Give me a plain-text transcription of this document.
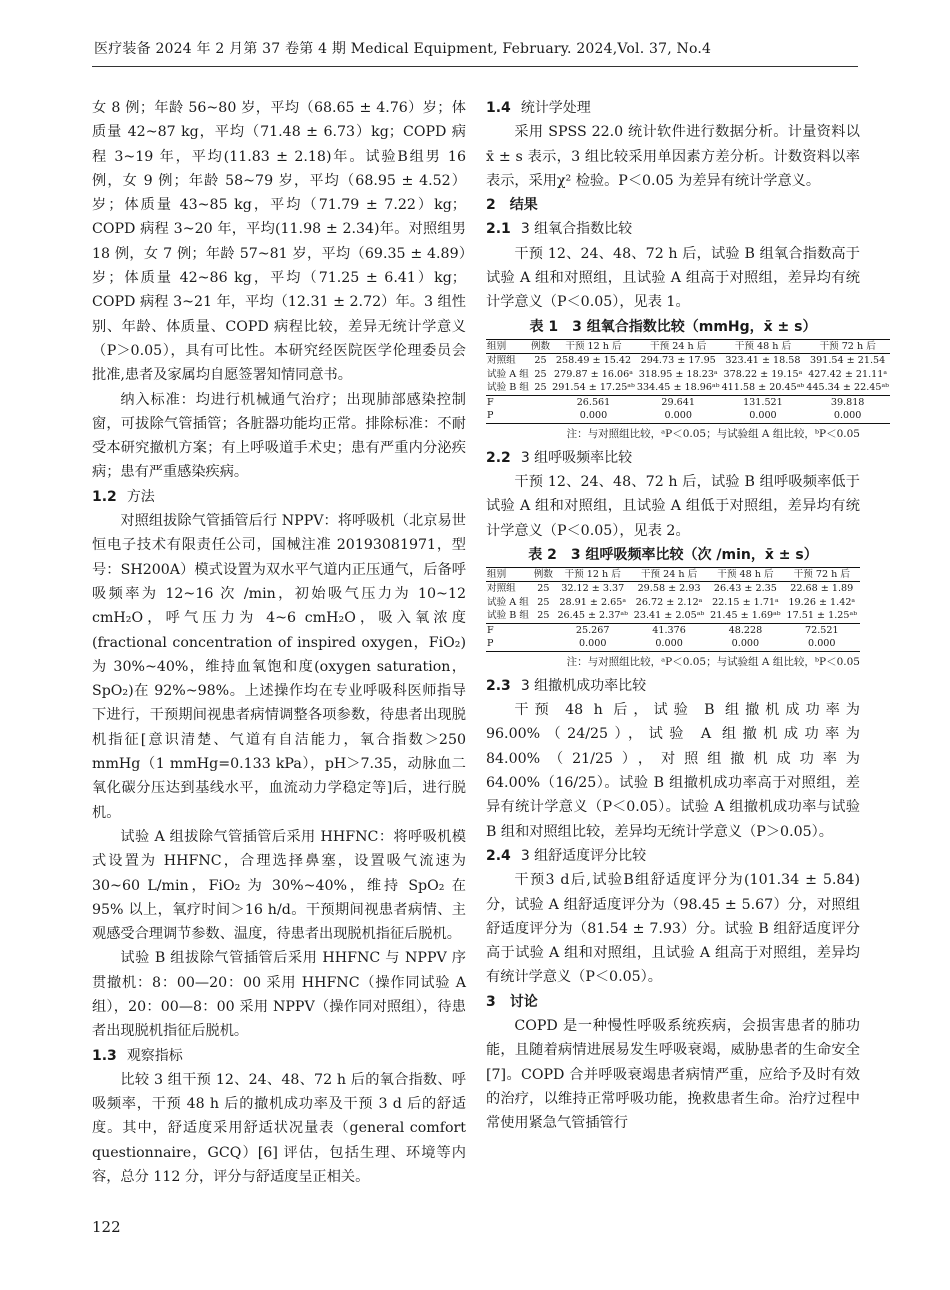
医疗装备 2024 年 2 月第 37 卷第 4 期 Medical Equipment, February. 2024,Vol. 37, No.4

女 8 例；年龄 56~80 岁，平均（68.65 ± 4.76）岁；体质量 42~87 kg，平均（71.48 ± 6.73）kg；COPD 病程 3~19 年，平均(11.83 ± 2.18)年。试验B组男 16 例，女 9 例；年龄 58~79 岁，平均（68.95 ± 4.52）岁；体质量 43~85 kg，平均（71.79 ± 7.22）kg；COPD 病程 3~20 年，平均(11.98 ± 2.34)年。对照组男 18 例，女 7 例；年龄 57~81 岁，平均（69.35 ± 4.89）岁；体质量 42~86 kg，平均（71.25 ± 6.41）kg；COPD 病程 3~21 年，平均（12.31 ± 2.72）年。3 组性别、年龄、体质量、COPD 病程比较，差异无统计学意义（P＞0.05），具有可比性。本研究经医院医学伦理委员会批准,患者及家属均自愿签署知情同意书。

纳入标准：均进行机械通气治疗；出现肺部感染控制窗，可拔除气管插管；各脏器功能均正常。排除标准：不耐受本研究撤机方案；有上呼吸道手术史；患有严重内分泌疾病；患有严重感染疾病。

1.2 方法

对照组拔除气管插管后行 NPPV：将呼吸机（北京易世恒电子技术有限责任公司，国械注准 20193081971，型号：SH200A）模式设置为双水平气道内正压通气，后备呼吸频率为 12~16 次 /min，初始吸气压力为 10~12 cmH₂O，呼气压力为 4~6 cmH₂O，吸入氧浓度(fractional concentration of inspired oxygen，FiO₂)为 30%~40%，维持血氧饱和度(oxygen saturation，SpO₂)在 92%~98%。上述操作均在专业呼吸科医师指导下进行，干预期间视患者病情调整各项参数，待患者出现脱机指征[意识清楚、气道有自洁能力，氧合指数＞250 mmHg（1 mmHg=0.133 kPa），pH＞7.35，动脉血二氧化碳分压达到基线水平，血流动力学稳定等]后，进行脱机。

试验 A 组拔除气管插管后采用 HHFNC：将呼吸机模式设置为 HHFNC，合理选择鼻塞，设置吸气流速为 30~60 L/min，FiO₂ 为 30%~40%，维持 SpO₂ 在 95% 以上，氧疗时间＞16 h/d。干预期间视患者病情、主观感受合理调节参数、温度，待患者出现脱机指征后脱机。

试验 B 组拔除气管插管后采用 HHFNC 与 NPPV 序贯撤机：8：00—20：00 采用 HHFNC（操作同试验 A 组），20：00—8：00 采用 NPPV（操作同对照组），待患者出现脱机指征后脱机。

1.3 观察指标

比较 3 组干预 12、24、48、72 h 后的氧合指数、呼吸频率，干预 48 h 后的撤机成功率及干预 3 d 后的舒适度。其中，舒适度采用舒适状况量表（general comfort questionnaire，GCQ）[6] 评估，包括生理、环境等内容，总分 112 分，评分与舒适度呈正相关。

1.4 统计学处理

采用 SPSS 22.0 统计软件进行数据分析。计量资料以 x̄ ± s 表示，3 组比较采用单因素方差分析。计数资料以率表示，采用χ² 检验。P＜0.05 为差异有统计学意义。

2　 结果
2.1 3 组氧合指数比较

干预 12、24、48、72 h 后，试验 B 组氧合指数高于试验 A 组和对照组，且试验 A 组高于对照组，差异均有统计学意义（P＜0.05），见表 1。

表 1　3 组氧合指数比较（mmHg，x̄ ± s）
组别	例数	干预 12 h 后	干预 24 h 后	干预 48 h 后	干预 72 h 后
对照组	25	258.49 ± 15.42	294.73 ± 17.95	323.41 ± 18.58	391.54 ± 21.54
试验 A 组	25	279.87 ± 16.06ᵃ	318.95 ± 18.23ᵃ	378.22 ± 19.15ᵃ	427.42 ± 21.11ᵃ
试验 B 组	25	291.54 ± 17.25ᵃᵇ	334.45 ± 18.96ᵃᵇ	411.58 ± 20.45ᵃᵇ	445.34 ± 22.45ᵃᵇ
F		26.561	29.641	131.521	39.818
P		0.000	0.000	0.000	0.000
注：与对照组比较，ᵃP＜0.05；与试验组 A 组比较，ᵇP＜0.05
2.2 3 组呼吸频率比较

干预 12、24、48、72 h 后，试验 B 组呼吸频率低于试验 A 组和对照组，且试验 A 组低于对照组，差异均有统计学意义（P＜0.05），见表 2。

表 2　3 组呼吸频率比较（次 /min，x̄ ± s）
组别	例数	干预 12 h 后	干预 24 h 后	干预 48 h 后	干预 72 h 后
对照组	25	32.12 ± 3.37	29.58 ± 2.93	26.43 ± 2.35	22.68 ± 1.89
试验 A 组	25	28.91 ± 2.65ᵃ	26.72 ± 2.12ᵃ	22.15 ± 1.71ᵃ	19.26 ± 1.42ᵃ
试验 B 组	25	26.45 ± 2.37ᵃᵇ	23.41 ± 2.05ᵃᵇ	21.45 ± 1.69ᵃᵇ	17.51 ± 1.25ᵃᵇ
F		25.267	41.376	48.228	72.521
P		0.000	0.000	0.000	0.000
注：与对照组比较，ᵃP＜0.05；与试验组 A 组比较，ᵇP＜0.05
2.3 3 组撤机成功率比较

干预 48 h 后，试验 B 组撤机成功率为 96.00%（24/25），试验 A 组撤机成功率为 84.00%（21/25），对照组撤机成功率为 64.00%（16/25）。试验 B 组撤机成功率高于对照组，差异有统计学意义（P＜0.05）。试验 A 组撤机成功率与试验 B 组和对照组比较，差异均无统计学意义（P＞0.05）。

2.4 3 组舒适度评分比较

干预3 d后,试验B组舒适度评分为(101.34 ± 5.84)分，试验 A 组舒适度评分为（98.45 ± 5.67）分，对照组舒适度评分为（81.54 ± 7.93）分。试验 B 组舒适度评分高于试验 A 组和对照组，且试验 A 组高于对照组，差异均有统计学意义（P＜0.05）。

3　 讨论

COPD 是一种慢性呼吸系统疾病，会损害患者的肺功能，且随着病情进展易发生呼吸衰竭，威胁患者的生命安全 [7]。COPD 合并呼吸衰竭患者病情严重，应给予及时有效的治疗，以维持正常呼吸功能，挽救患者生命。治疗过程中常使用紧急气管插管行

122
